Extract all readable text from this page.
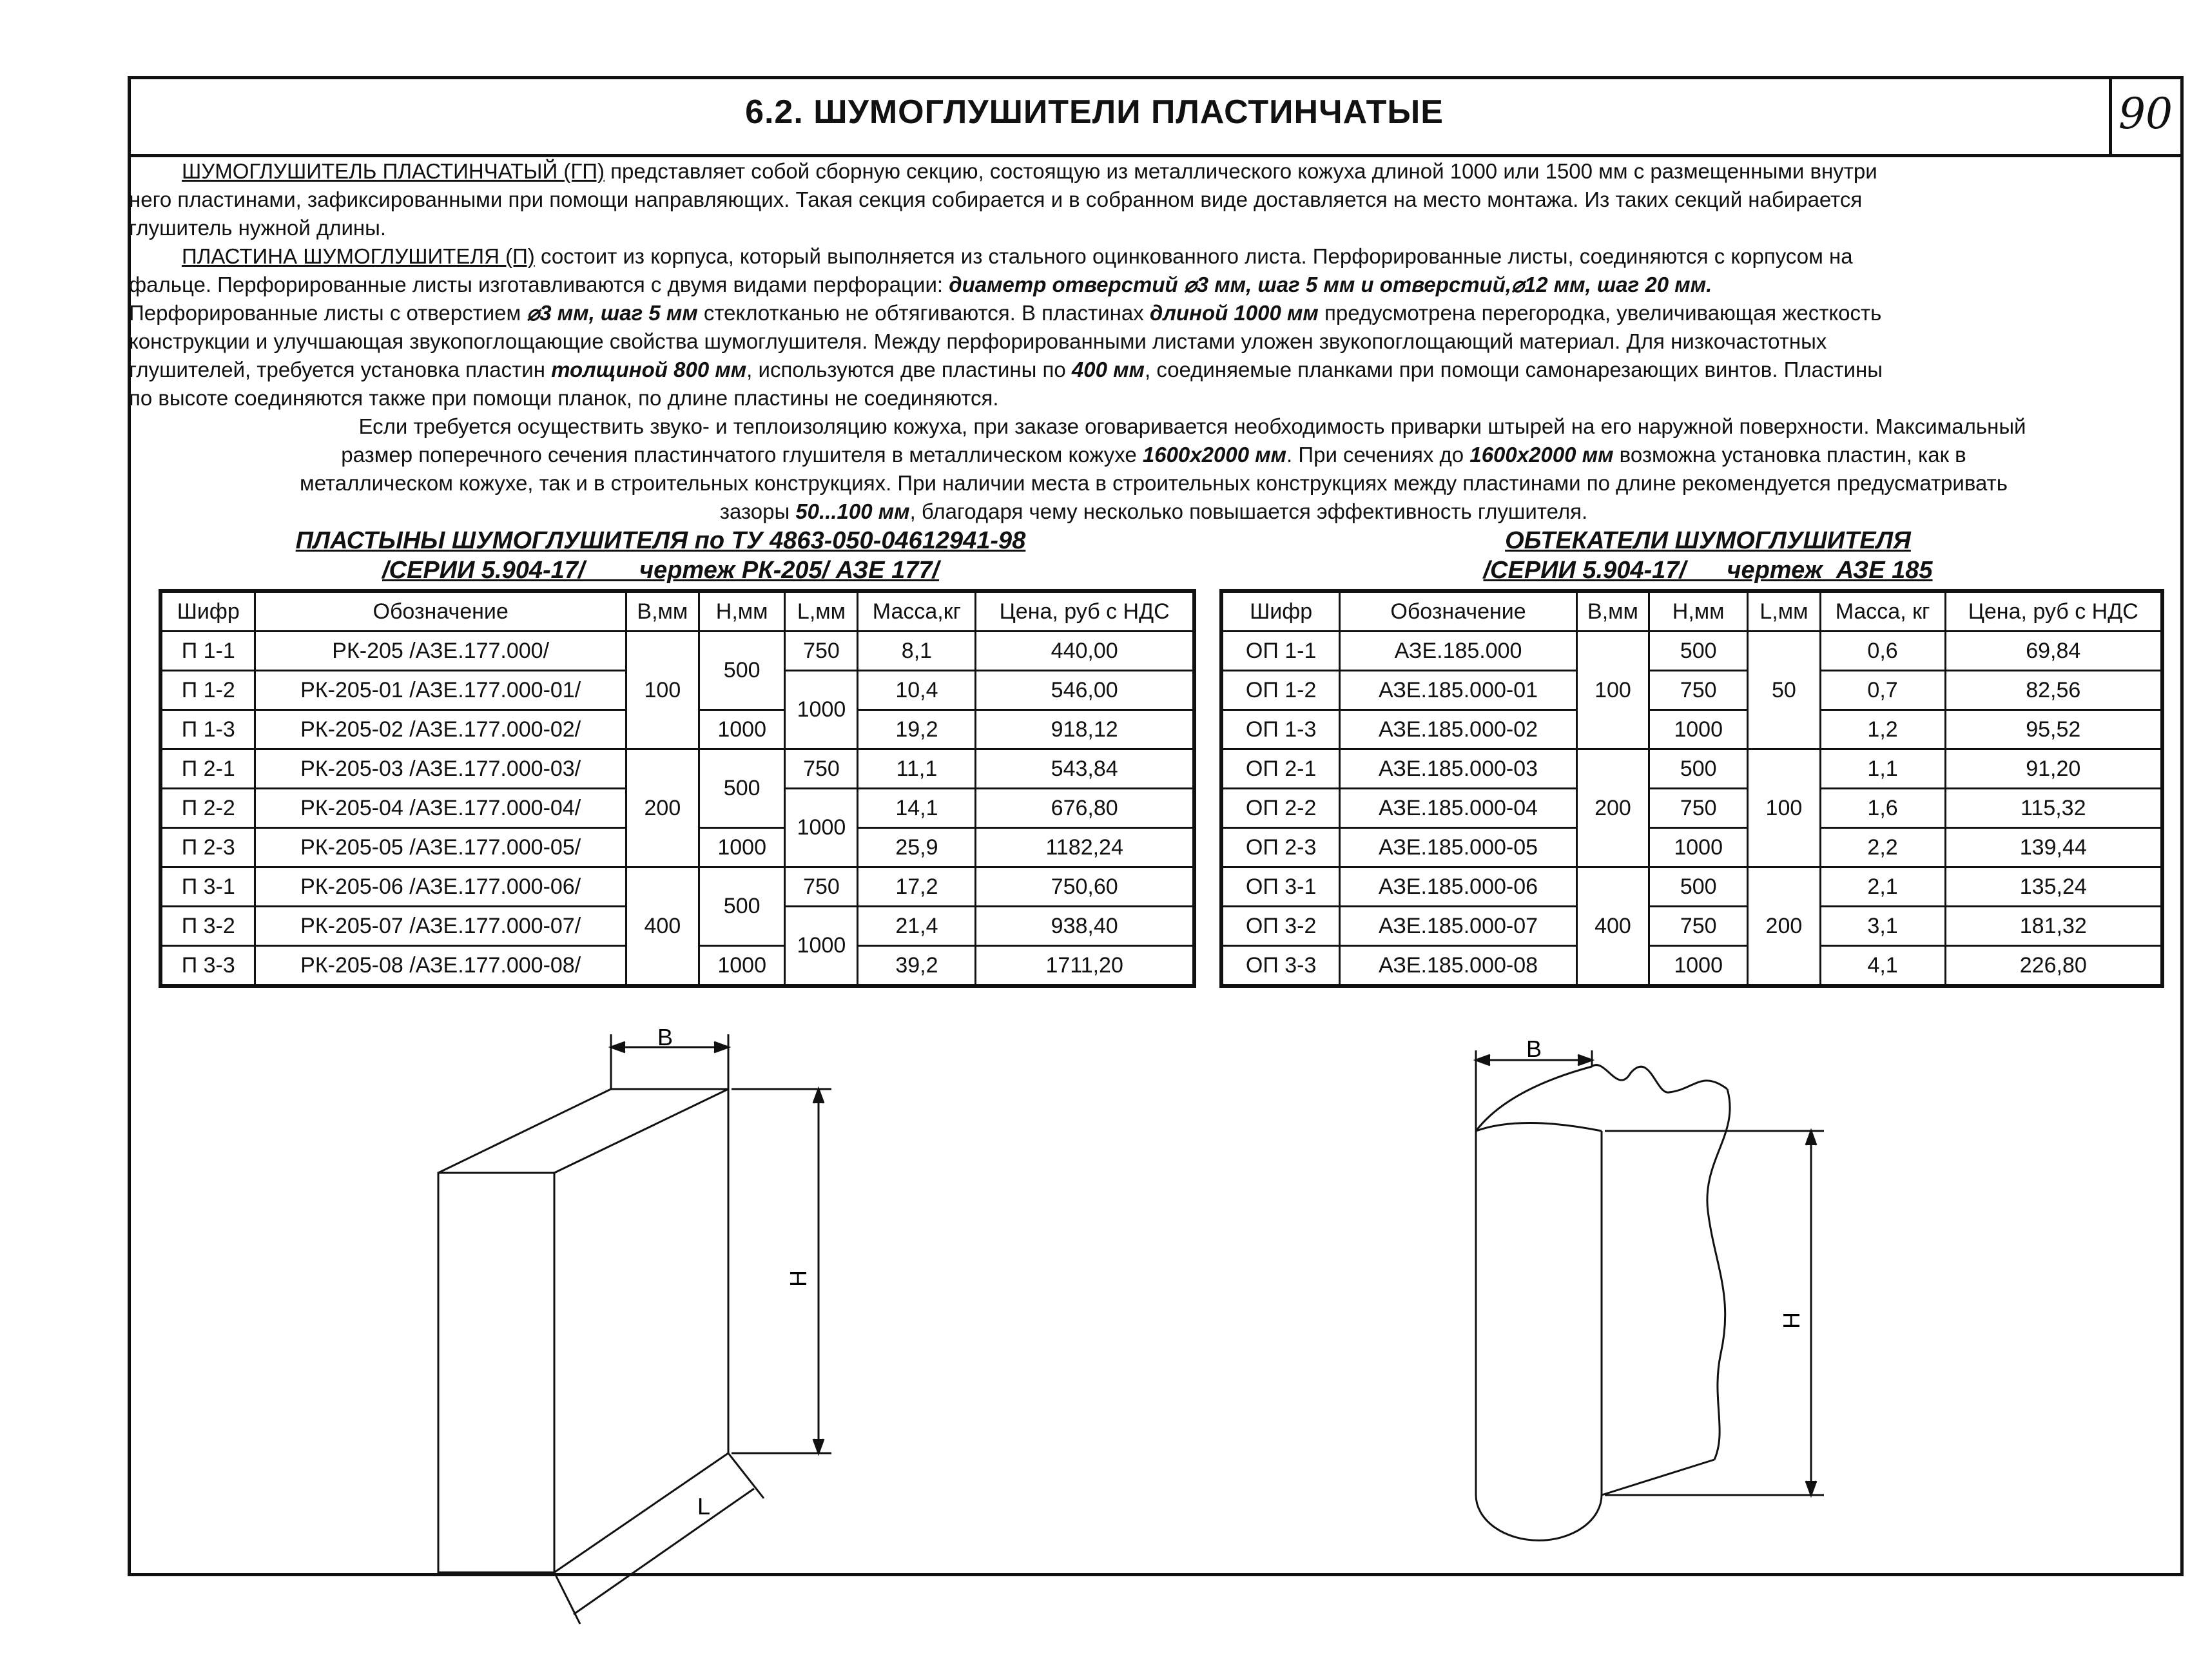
6.2. ШУМОГЛУШИТЕЛИ ПЛАСТИНЧАТЫЕ	90
ШУМОГЛУШИТЕЛЬ ПЛАСТИНЧАТЫЙ (ГП) представляет собой сборную секцию, состоящую из металлического кожуха длиной 1000 или 1500 мм с размещенными внутри
него пластинами, зафиксированными при помощи направляющих. Такая секция собирается и в собранном виде доставляется на место монтажа. Из таких секций набирается
глушитель нужной длины.
ПЛАСТИНА ШУМОГЛУШИТЕЛЯ (П) состоит из корпуса, который выполняется из стального оцинкованного листа. Перфорированные листы, соединяются с корпусом на
фальце. Перфорированные листы изготавливаются с двумя видами перфорации: диаметр отверстий ⌀3 мм, шаг 5 мм и отверстий,⌀12 мм, шаг 20 мм.
Перфорированные листы с отверстием ⌀3 мм, шаг 5 мм стеклотканью не обтягиваются. В пластинах длиной 1000 мм предусмотрена перегородка, увеличивающая жесткость
конструкции и улучшающая звукопоглощающие свойства шумоглушителя. Между перфорированными листами уложен звукопоглощающий материал. Для низкочастотных
глушителей, требуется установка пластин толщиной 800 мм, используются две пластины по 400 мм, соединяемые планками при помощи самонарезающих винтов. Пластины
по высоте соединяются также при помощи планок, по длине пластины не соединяются.
Если требуется осуществить звуко- и теплоизоляцию кожуха, при заказе оговаривается необходимость приварки штырей на его наружной поверхности. Максимальный
размер поперечного сечения пластинчатого глушителя в металлическом кожухе 1600х2000 мм. При сечениях до 1600х2000 мм возможна установка пластин, как в
металлическом кожухе, так и в строительных конструкциях. При наличии места в строительных конструкциях между пластинами по длине рекомендуется предусматривать
зазоры 50...100 мм, благодаря чему несколько повышается эффективность глушителя.
ПЛАСТЫНЫ ШУМОГЛУШИТЕЛЯ по ТУ 4863-050-04612941-98
/СЕРИИ 5.904-17/        чертеж РК-205/ АЗЕ 177/
ОБТЕКАТЕЛИ ШУМОГЛУШИТЕЛЯ
/СЕРИИ 5.904-17/      чертеж  АЗЕ 185
Шифр	Обозначение	В,мм	Н,мм	L,мм	Масса,кг	Цена, руб с НДС
П 1-1	РК-205 /АЗЕ.177.000/	100	500	750	8,1	440,00
П 1-2	РК-205-01 /АЗЕ.177.000-01/			1000	10,4	546,00
П 1-3	РК-205-02 /АЗЕ.177.000-02/		1000		19,2	918,12
П 2-1	РК-205-03 /АЗЕ.177.000-03/	200	500	750	11,1	543,84
П 2-2	РК-205-04 /АЗЕ.177.000-04/			1000	14,1	676,80
П 2-3	РК-205-05 /АЗЕ.177.000-05/		1000		25,9	1182,24
П 3-1	РК-205-06 /АЗЕ.177.000-06/	400	500	750	17,2	750,60
П 3-2	РК-205-07 /АЗЕ.177.000-07/			1000	21,4	938,40
П 3-3	РК-205-08 /АЗЕ.177.000-08/		1000		39,2	1711,20
Шифр	Обозначение	В,мм	Н,мм	L,мм	Масса, кг	Цена, руб с НДС
ОП 1-1	АЗЕ.185.000	100	500	50	0,6	69,84
ОП 1-2	АЗЕ.185.000-01		750		0,7	82,56
ОП 1-3	АЗЕ.185.000-02		1000		1,2	95,52
ОП 2-1	АЗЕ.185.000-03	200	500	100	1,1	91,20
ОП 2-2	АЗЕ.185.000-04		750		1,6	115,32
ОП 2-3	АЗЕ.185.000-05		1000		2,2	139,44
ОП 3-1	АЗЕ.185.000-06	400	500	200	2,1	135,24
ОП 3-2	АЗЕ.185.000-07		750		3,1	181,32
ОП 3-3	АЗЕ.185.000-08		1000		4,1	226,80
B
H
L
B
H
